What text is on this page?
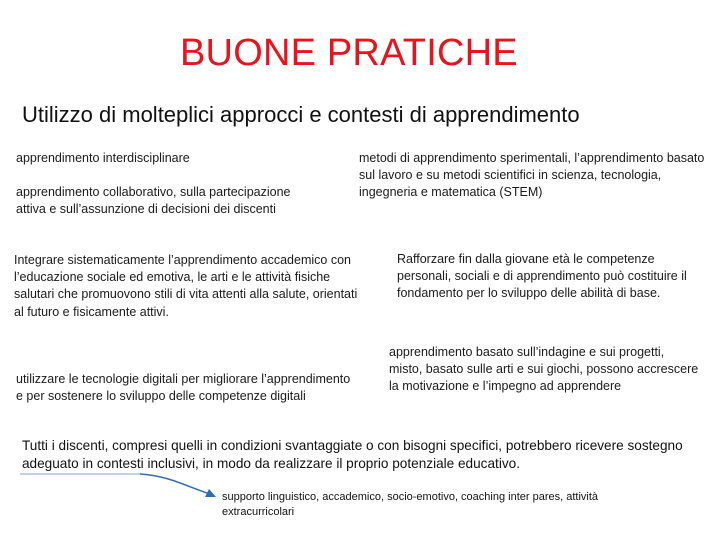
BUONE PRATICHE
Utilizzo di molteplici approcci e contesti di apprendimento
apprendimento interdisciplinare
apprendimento collaborativo, sulla partecipazione attiva e sull’assunzione di decisioni dei discenti
metodi di apprendimento sperimentali, l’apprendimento basato sul lavoro e su metodi scientifici in scienza, tecnologia, ingegneria e matematica (STEM)
Integrare sistematicamente l’apprendimento accademico con l’educazione sociale ed emotiva, le arti e le attività fisiche salutari che promuovono stili di vita attenti alla salute, orientati al futuro e fisicamente attivi.
Rafforzare fin dalla giovane età le competenze personali, sociali e di apprendimento può costituire il fondamento per lo sviluppo delle abilità di base.
apprendimento basato sull’indagine e sui progetti, misto, basato sulle arti e sui giochi, possono accrescere la motivazione e l’impegno ad apprendere
utilizzare le tecnologie digitali per migliorare l’apprendimento e per sostenere lo sviluppo delle competenze digitali
Tutti i discenti, compresi quelli in condizioni svantaggiate o con bisogni specifici, potrebbero ricevere sostegno adeguato in contesti inclusivi, in modo da realizzare il proprio potenziale educativo.
supporto linguistico, accademico, socio-emotivo, coaching inter pares, attività extracurricolari
